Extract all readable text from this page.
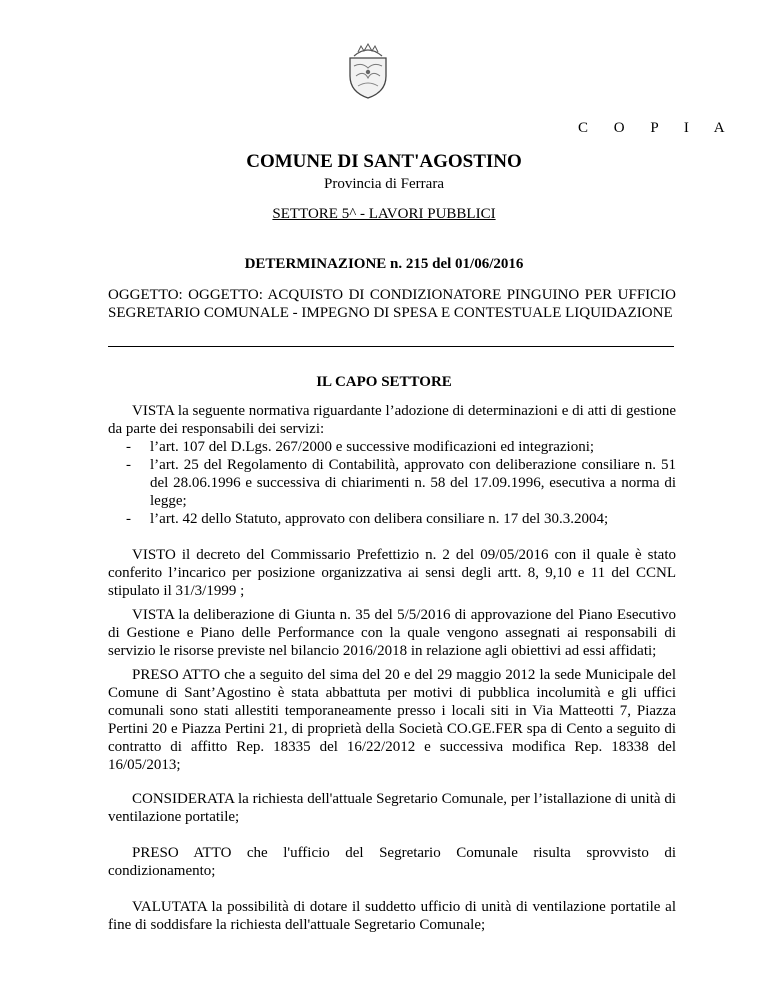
C O P I A
COMUNE DI SANT'AGOSTINO
Provincia di Ferrara
SETTORE 5^ - LAVORI PUBBLICI
DETERMINAZIONE n. 215 del 01/06/2016

OGGETTO: OGGETTO: ACQUISTO DI CONDIZIONATORE PINGUINO PER UFFICIO SEGRETARIO COMUNALE - IMPEGNO DI SPESA E CONTESTUALE LIQUIDAZIONE

IL CAPO SETTORE

VISTA la seguente normativa riguardante l’adozione di determinazioni e di atti di gestione da parte dei responsabili dei servizi:

- l’art. 107 del D.Lgs. 267/2000 e successive modificazioni ed integrazioni;
- l’art. 25 del Regolamento di Contabilità, approvato con deliberazione consiliare n. 51 del 28.06.1996 e successiva di chiarimenti n. 58 del 17.09.1996, esecutiva a norma di legge;
- l’art. 42 dello Statuto, approvato con delibera consiliare n. 17 del 30.3.2004;

VISTO il decreto del Commissario Prefettizio n. 2 del 09/05/2016 con il quale è stato conferito l’incarico per posizione organizzativa ai sensi degli artt. 8, 9,10 e 11 del CCNL stipulato il 31/3/1999 ;

VISTA la deliberazione di Giunta n. 35 del 5/5/2016 di approvazione del Piano Esecutivo di Gestione e Piano delle Performance con la quale vengono assegnati ai responsabili di servizio le risorse previste nel bilancio 2016/2018 in relazione agli obiettivi ad essi affidati;

PRESO ATTO che a seguito del sima del 20 e del 29 maggio 2012 la sede Municipale del Comune di Sant’Agostino è stata abbattuta per motivi di pubblica incolumità e gli uffici comunali sono stati allestiti temporaneamente presso i locali siti in Via Matteotti 7, Piazza Pertini 20 e Piazza Pertini 21, di proprietà della Società CO.GE.FER spa di Cento a seguito di contratto di affitto Rep. 18335 del 16/22/2012 e successiva modifica Rep. 18338 del 16/05/2013;

CONSIDERATA la richiesta dell'attuale Segretario Comunale, per l’istallazione di unità di ventilazione portatile;

PRESO ATTO che l'ufficio del Segretario Comunale risulta sprovvisto di condizionamento;

VALUTATA la possibilità di dotare il suddetto ufficio di unità di ventilazione portatile al fine di soddisfare la richiesta dell'attuale Segretario Comunale;
